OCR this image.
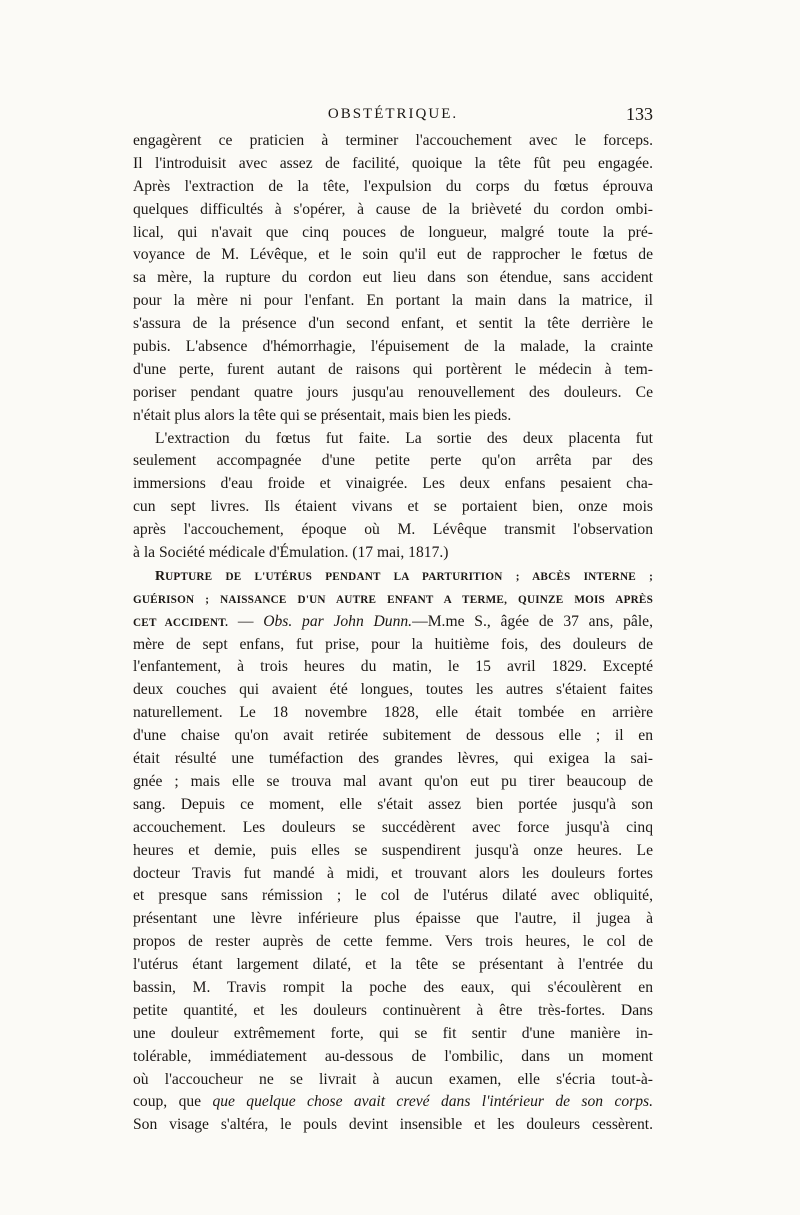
OBSTÉTRIQUE.	133
engagèrent ce praticien à terminer l'accouchement avec le forceps.
Il l'introduisit avec assez de facilité, quoique la tête fût peu engagée.
Après l'extraction de la tête, l'expulsion du corps du fœtus éprouva
quelques difficultés à s'opérer, à cause de la brièveté du cordon ombi-
lical, qui n'avait que cinq pouces de longueur, malgré toute la pré-
voyance de M. Lévêque, et le soin qu'il eut de rapprocher le fœtus de
sa mère, la rupture du cordon eut lieu dans son étendue, sans accident
pour la mère ni pour l'enfant. En portant la main dans la matrice, il
s'assura de la présence d'un second enfant, et sentit la tête derrière le
pubis. L'absence d'hémorrhagie, l'épuisement de la malade, la crainte
d'une perte, furent autant de raisons qui portèrent le médecin à tem-
poriser pendant quatre jours jusqu'au renouvellement des douleurs. Ce
n'était plus alors la tête qui se présentait, mais bien les pieds.
L'extraction du fœtus fut faite. La sortie des deux placenta fut
seulement accompagnée d'une petite perte qu'on arrêta par des
immersions d'eau froide et vinaigrée. Les deux enfans pesaient cha-
cun sept livres. Ils étaient vivans et se portaient bien, onze mois
après l'accouchement, époque où M. Lévêque transmit l'observation
à la Société médicale d'Émulation. (17 mai, 1817.)
RUPTURE DE L'UTÉRUS PENDANT LA PARTURITION ; ABCÈS INTERNE ;
GUÉRISON ; NAISSANCE D'UN AUTRE ENFANT A TERME, QUINZE MOIS APRÈS
CET ACCIDENT. — Obs. par John Dunn.—M.me S., âgée de 37 ans, pâle,
mère de sept enfans, fut prise, pour la huitième fois, des douleurs de
l'enfantement, à trois heures du matin, le 15 avril 1829. Excepté
deux couches qui avaient été longues, toutes les autres s'étaient faites
naturellement. Le 18 novembre 1828, elle était tombée en arrière
d'une chaise qu'on avait retirée subitement de dessous elle ; il en
était résulté une tuméfaction des grandes lèvres, qui exigea la sai-
gnée ; mais elle se trouva mal avant qu'on eut pu tirer beaucoup de
sang. Depuis ce moment, elle s'était assez bien portée jusqu'à son
accouchement. Les douleurs se succédèrent avec force jusqu'à cinq
heures et demie, puis elles se suspendirent jusqu'à onze heures. Le
docteur Travis fut mandé à midi, et trouvant alors les douleurs fortes
et presque sans rémission ; le col de l'utérus dilaté avec obliquité,
présentant une lèvre inférieure plus épaisse que l'autre, il jugea à
propos de rester auprès de cette femme. Vers trois heures, le col de
l'utérus étant largement dilaté, et la tête se présentant à l'entrée du
bassin, M. Travis rompit la poche des eaux, qui s'écoulèrent en
petite quantité, et les douleurs continuèrent à être très-fortes. Dans
une douleur extrêmement forte, qui se fit sentir d'une manière in-
tolérable, immédiatement au-dessous de l'ombilic, dans un moment
où l'accoucheur ne se livrait à aucun examen, elle s'écria tout-à-
coup, que que quelque chose avait crevé dans l'intérieur de son corps.
Son visage s'altéra, le pouls devint insensible et les douleurs cessèrent.
